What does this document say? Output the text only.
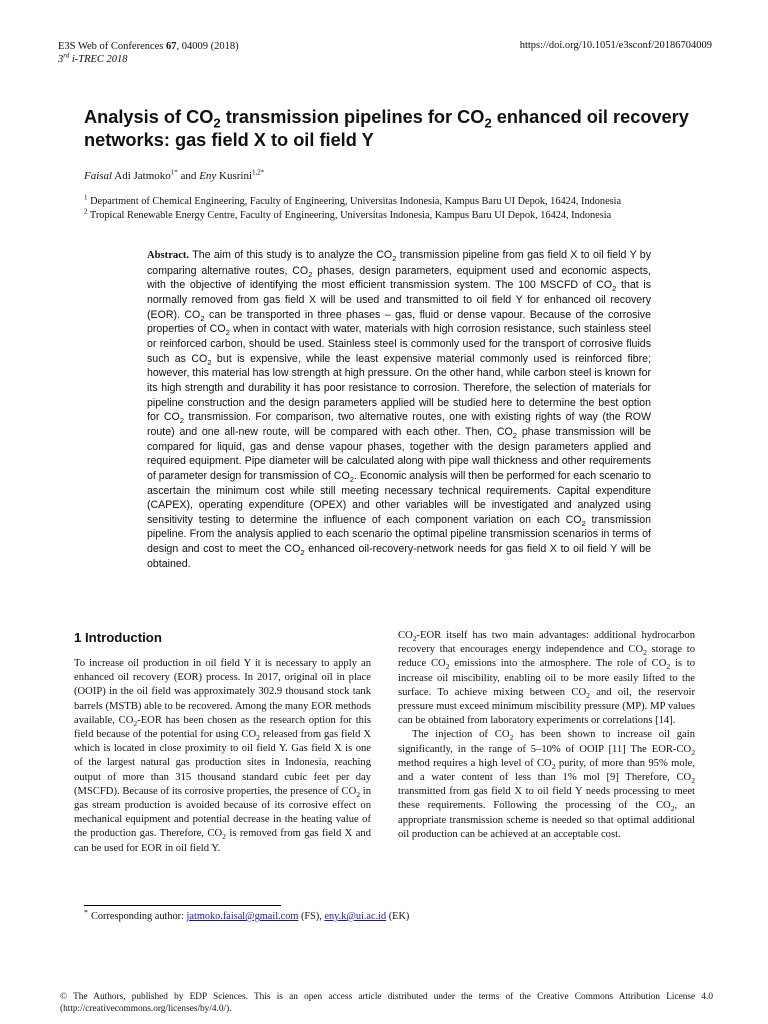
E3S Web of Conferences 67, 04009 (2018)
3rd i-TREC 2018
https://doi.org/10.1051/e3sconf/20186704009
Analysis of $CO_2$ transmission pipelines for $CO_2$ enhanced oil recovery networks: gas field X to oil field Y
Faisal Adi Jatmoko$^{1*}$ and Eny Kusrini$^{1,2*}$
$^1$ Department of Chemical Engineering, Faculty of Engineering, Universitas Indonesia, Kampus Baru UI Depok, 16424, Indonesia
$^2$ Tropical Renewable Energy Centre, Faculty of Engineering, Universitas Indonesia, Kampus Baru UI Depok, 16424, Indonesia

Abstract. The aim of this study is to analyze the $CO_2$ transmission pipeline from gas field X to oil field Y by comparing alternative routes, $CO_2$ phases, design parameters, equipment used and economic aspects, with the objective of identifying the most efficient transmission system. The 100 MSCFD of $CO_2$ that is normally removed from gas field X will be used and transmitted to oil field Y for enhanced oil recovery (EOR). $CO_2$ can be transported in three phases – gas, fluid or dense vapour. Because of the corrosive properties of $CO_2$ when in contact with water, materials with high corrosion resistance, such stainless steel or reinforced carbon, should be used. Stainless steel is commonly used for the transport of corrosive fluids such as $CO_2$ but is expensive, while the least expensive material commonly used is reinforced fibre; however, this material has low strength at high pressure. On the other hand, while carbon steel is known for its high strength and durability it has poor resistance to corrosion. Therefore, the selection of materials for pipeline construction and the design parameters applied will be studied here to determine the best option for $CO_2$ transmission. For comparison, two alternative routes, one with existing rights of way (the ROW route) and one all-new route, will be compared with each other. Then, $CO_2$ phase transmission will be compared for liquid, gas and dense vapour phases, together with the design parameters applied and required equipment. Pipe diameter will be calculated along with pipe wall thickness and other requirements of parameter design for transmission of $CO_2$. Economic analysis will then be performed for each scenario to ascertain the minimum cost while still meeting necessary technical requirements. Capital expenditure (CAPEX), operating expenditure (OPEX) and other variables will be investigated and analyzed using sensitivity testing to determine the influence of each component variation on each $CO_2$ transmission pipeline. From the analysis applied to each scenario the optimal pipeline transmission scenarios in terms of design and cost to meet the $CO_2$ enhanced oil-recovery-network needs for gas field X to oil field Y will be obtained.

1 Introduction

To increase oil production in oil field Y it is necessary to apply an enhanced oil recovery (EOR) process. In 2017, original oil in place (OOIP) in the oil field was approximately 302.9 thousand stock tank barrels (MSTB) able to be recovered. Among the many EOR methods available, $CO_2$-EOR has been chosen as the research option for this field because of the potential for using $CO_2$ released from gas field X which is located in close proximity to oil field Y. Gas field X is one of the largest natural gas production sites in Indonesia, reaching output of more than 315 thousand standard cubic feet per day (MSCFD). Because of its corrosive properties, the presence of $CO_2$ in gas stream production is avoided because of its corrosive effect on mechanical equipment and potential decrease in the heating value of the production gas. Therefore, $CO_2$ is removed from gas field X and can be used for EOR in oil field Y.

$CO_2$-EOR itself has two main advantages: additional hydrocarbon recovery that encourages energy independence and $CO_2$ storage to reduce $CO_2$ emissions into the atmosphere. The role of $CO_2$ is to increase oil miscibility, enabling oil to be more easily lifted to the surface. To achieve mixing between $CO_2$ and oil, the reservoir pressure must exceed minimum miscibility pressure (MP). MP values can be obtained from laboratory experiments or correlations [14].

The injection of $CO_2$ has been shown to increase oil gain significantly, in the range of 5–10% of OOIP [11] The EOR-$CO_2$ method requires a high level of $CO_2$ purity, of more than 95% mole, and a water content of less than 1% mol [9] Therefore, $CO_2$ transmitted from gas field X to oil field Y needs processing to meet these requirements. Following the processing of the $CO_2$, an appropriate transmission scheme is needed so that optimal additional oil production can be achieved at an acceptable cost.

* Corresponding author: jatmoko.faisal@gmail.com (FS), eny.k@ui.ac.id (EK)

© The Authors, published by EDP Sciences. This is an open access article distributed under the terms of the Creative Commons Attribution License 4.0 (http://creativecommons.org/licenses/by/4.0/).
